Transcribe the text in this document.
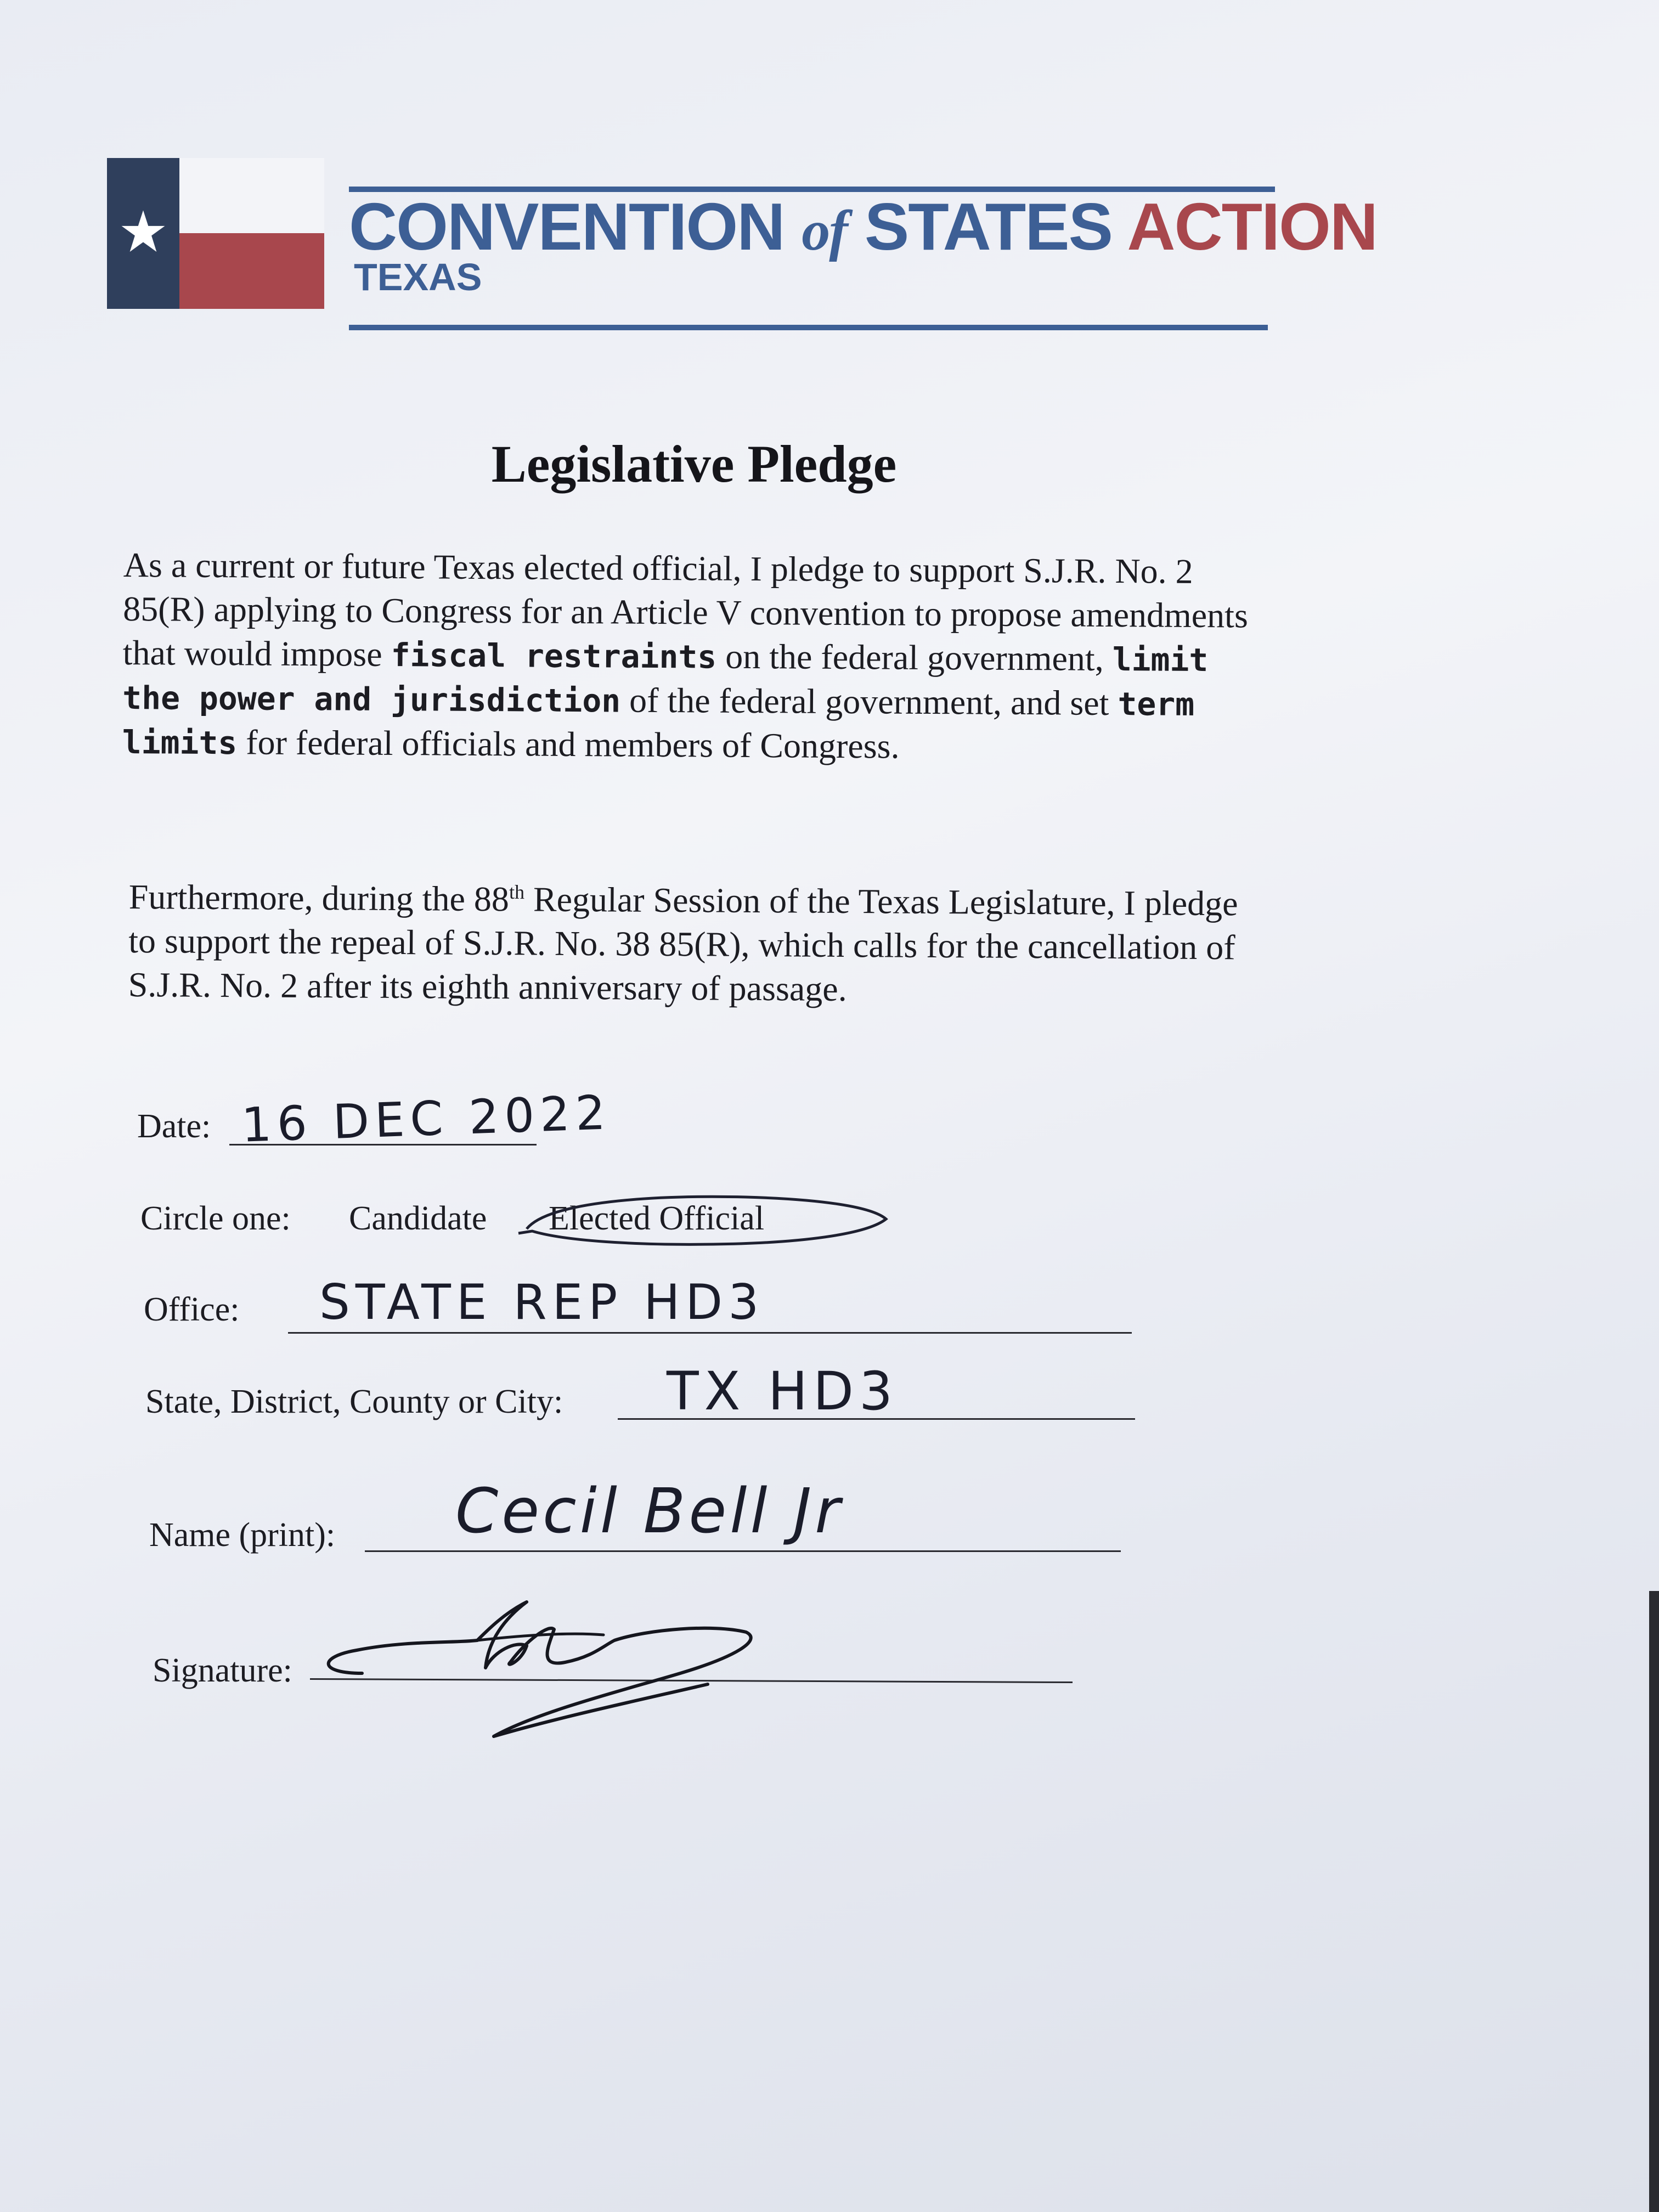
CONVENTION of STATES ACTION
TEXAS
Legislative Pledge
As a current or future Texas elected official, I pledge to support S.J.R. No. 2 85(R) applying to Congress for an Article V convention to propose amendments that would impose fiscal restraints on the federal government, limit the power and jurisdiction of the federal government, and set term limits for federal officials and members of Congress.
Furthermore, during the 88th Regular Session of the Texas Legislature, I pledge to support the repeal of S.J.R. No. 38 85(R), which calls for the cancellation of S.J.R. No. 2 after its eighth anniversary of passage.
Date: 16 DEC 2022
Circle one: Candidate Elected Official
Office: STATE REP HD3
State, District, County or City: TX HD3
Name (print): Cecil Bell Jr
Signature:
